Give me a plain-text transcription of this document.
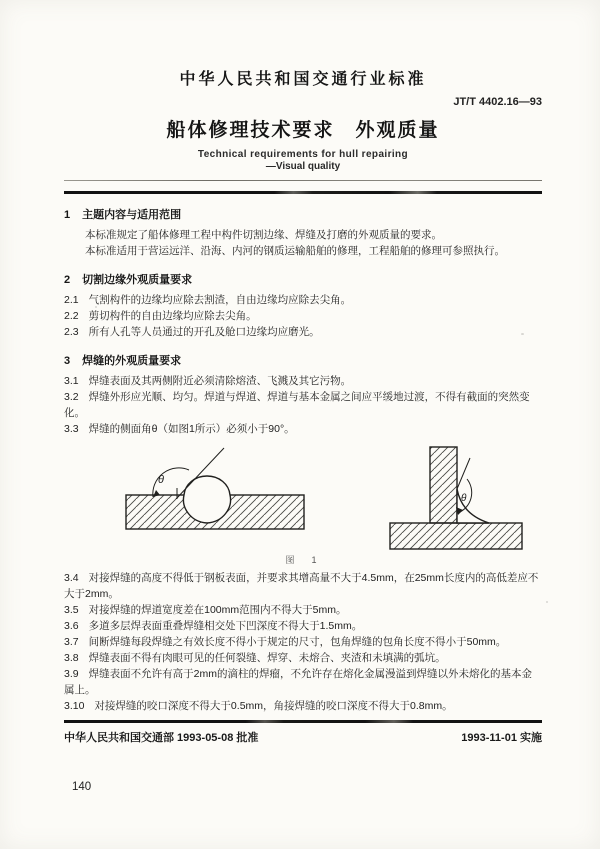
中华人民共和国交通行业标准
JT/T 4402.16—93
船体修理技术要求　外观质量
Technical requirements for hull repairing
—Visual quality
1 主题内容与适用范围
本标准规定了船体修理工程中构件切割边缘、焊缝及打磨的外观质量的要求。
本标准适用于营运远洋、沿海、内河的钢质运输船舶的修理，工程船舶的修理可参照执行。
2 切割边缘外观质量要求
2.1 气割构件的边缘均应除去割渣，自由边缘均应除去尖角。
2.2 剪切构件的自由边缘均应除去尖角。
2.3 所有人孔等人员通过的开孔及舱口边缘均应磨光。
3 焊缝的外观质量要求
3.1 焊缝表面及其两侧附近必须清除熔渣、飞溅及其它污物。
3.2 焊缝外形应光顺、均匀。焊道与焊道、焊道与基本金属之间应平缓地过渡，不得有截面的突然变化。
3.3 焊缝的侧面角θ（如图1所示）必须小于90°。
θ
θ
图　1
3.4 对接焊缝的高度不得低于钢板表面，并要求其增高量不大于4.5mm，在25mm长度内的高低差应不大于2mm。
3.5 对接焊缝的焊道宽度差在100mm范围内不得大于5mm。
3.6 多道多层焊表面重叠焊缝相交处下凹深度不得大于1.5mm。
3.7 间断焊缝每段焊缝之有效长度不得小于规定的尺寸，包角焊缝的包角长度不得小于50mm。
3.8 焊缝表面不得有肉眼可见的任何裂缝、焊穿、未熔合、夹渣和未填满的弧坑。
3.9 焊缝表面不允许有高于2mm的滴柱的焊瘤，不允许存在熔化金属漫溢到焊缝以外未熔化的基本金属上。
3.10 对接焊缝的咬口深度不得大于0.5mm，角接焊缝的咬口深度不得大于0.8mm。
中华人民共和国交通部 1993-05-08 批准	1993-11-01 实施
140
